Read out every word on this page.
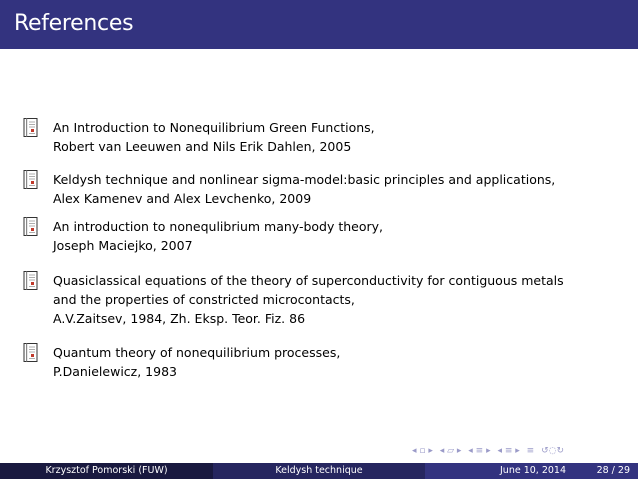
References
An Introduction to Nonequilibrium Green Functions,
Robert van Leeuwen and Nils Erik Dahlen, 2005
Keldysh technique and nonlinear sigma-model:basic principles and applications,
Alex Kamenev and Alex Levchenko, 2009
An introduction to nonequlibrium many-body theory,
Joseph Maciejko, 2007
Quasiclassical equations of the theory of superconductivity for contiguous metals
and the properties of constricted microcontacts,
A.V.Zaitsev, 1984, Zh. Eksp. Teor. Fiz. 86
Quantum theory of nonequilibrium processes,
P.Danielewicz, 1983
◂ ▫ ▸ ◂ ▱ ▸ ◂ ≡ ▸ ◂ ≡ ▸ ≡ ↺◌↻
Krzysztof Pomorski (FUW)	Keldysh technique	June 10, 2014	28 / 29
